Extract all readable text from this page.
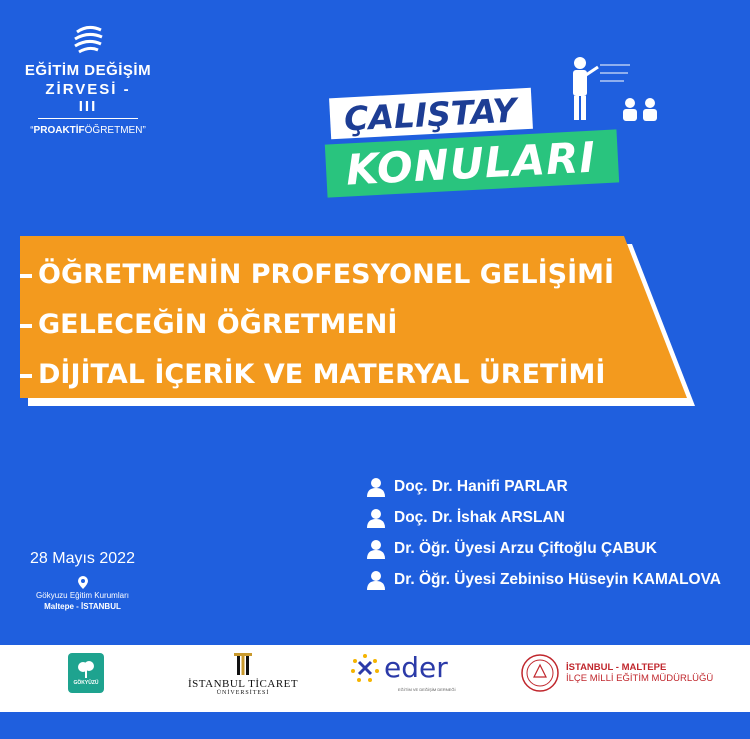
EĞİTİM DEĞİŞİM
ZİRVESİ - III
“PROAKTİFÖĞRETMEN”	ÇALIŞTAY
KONULARI
ÖĞRETMENİN PROFESYONEL GELİŞİMİ
GELECEĞİN ÖĞRETMENİ
DİJİTAL İÇERİK VE MATERYAL ÜRETİMİ
Doç. Dr. Hanifi PARLAR
Doç. Dr. İshak ARSLAN
Dr. Öğr. Üyesi Arzu Çiftoğlu ÇABUK
Dr. Öğr. Üyesi Zebiniso Hüseyin KAMALOVA
28 Mayıs 2022
Gökyuzu Eğitim Kurumları
Maltepe - İSTANBUL
GÖKYÜZÜ	İSTANBUL TİCARET
ÜNİVERSİTESİ
eder
EĞİTİM VE DEĞİŞİM DERNEĞİ
İSTANBUL - MALTEPE
İLÇE MİLLİ EĞİTİM MÜDÜRLÜĞÜ
